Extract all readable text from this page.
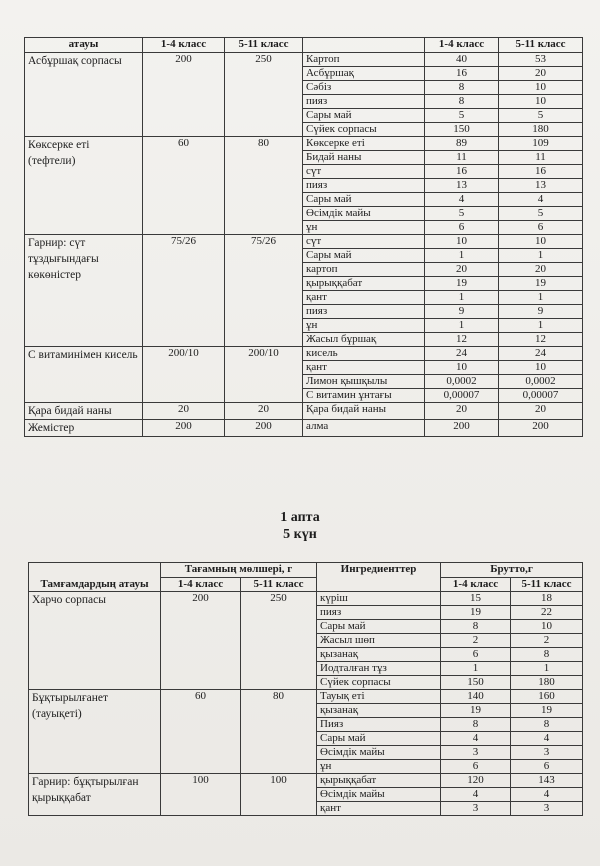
атауы	1-4 класс	5-11 класс		1-4 класс	5-11 класс
Асбұршақ сорпасы	200	250	Картоп	40	53
			Асбұршақ	16	20
			Сәбіз	8	10
			пияз	8	10
			Сары май	5	5
			Сүйек сорпасы	150	180
Көксерке еті (тефтели)	60	80	Көксерке еті	89	109
			Бидай наны	11	11
			сүт	16	16
			пияз	13	13
			Сары май	4	4
			Өсімдік майы	5	5
			ұн	6	6
Гарнир: сүт тұздығындағы көкөністер	75/26	75/26	сүт	10	10
			Сары май	1	1
			картоп	20	20
			қырыққабат	19	19
			қант	1	1
			пияз	9	9
			ұн	1	1
			Жасыл бұршақ	12	12
С витаминімен кисель	200/10	200/10	кисель	24	24
			қант	10	10
			Лимон қышқылы	0,0002	0,0002
			С витамин ұнтағы	0,00007	0,00007
Қара бидай наны	20	20	Қара бидай наны	20	20
Жемістер	200	200	алма	200	200
1 апта
5 күн
Тамғамдардың атауы	Тағамның мөлшері, г		Ингредиенттер	Брутто,г	
	1-4 класс	5-11 класс		1-4 класс	5-11 класс
Харчо сорпасы	200	250	күріш	15	18
			пияз	19	22
			Сары май	8	10
			Жасыл шөп	2	2
			қызанақ	6	8
			Иодталған тұз	1	1
			Сүйек сорпасы	150	180
Бұқтырылғанет (тауықеті)	60	80	Тауық еті	140	160
			қызанақ	19	19
			Пияз	8	8
			Сары май	4	4
			Өсімдік майы	3	3
			ұн	6	6
Гарнир: бұқтырылған қырыққабат	100	100	қырыққабат	120	143
			Өсімдік майы	4	4
			қант	3	3
